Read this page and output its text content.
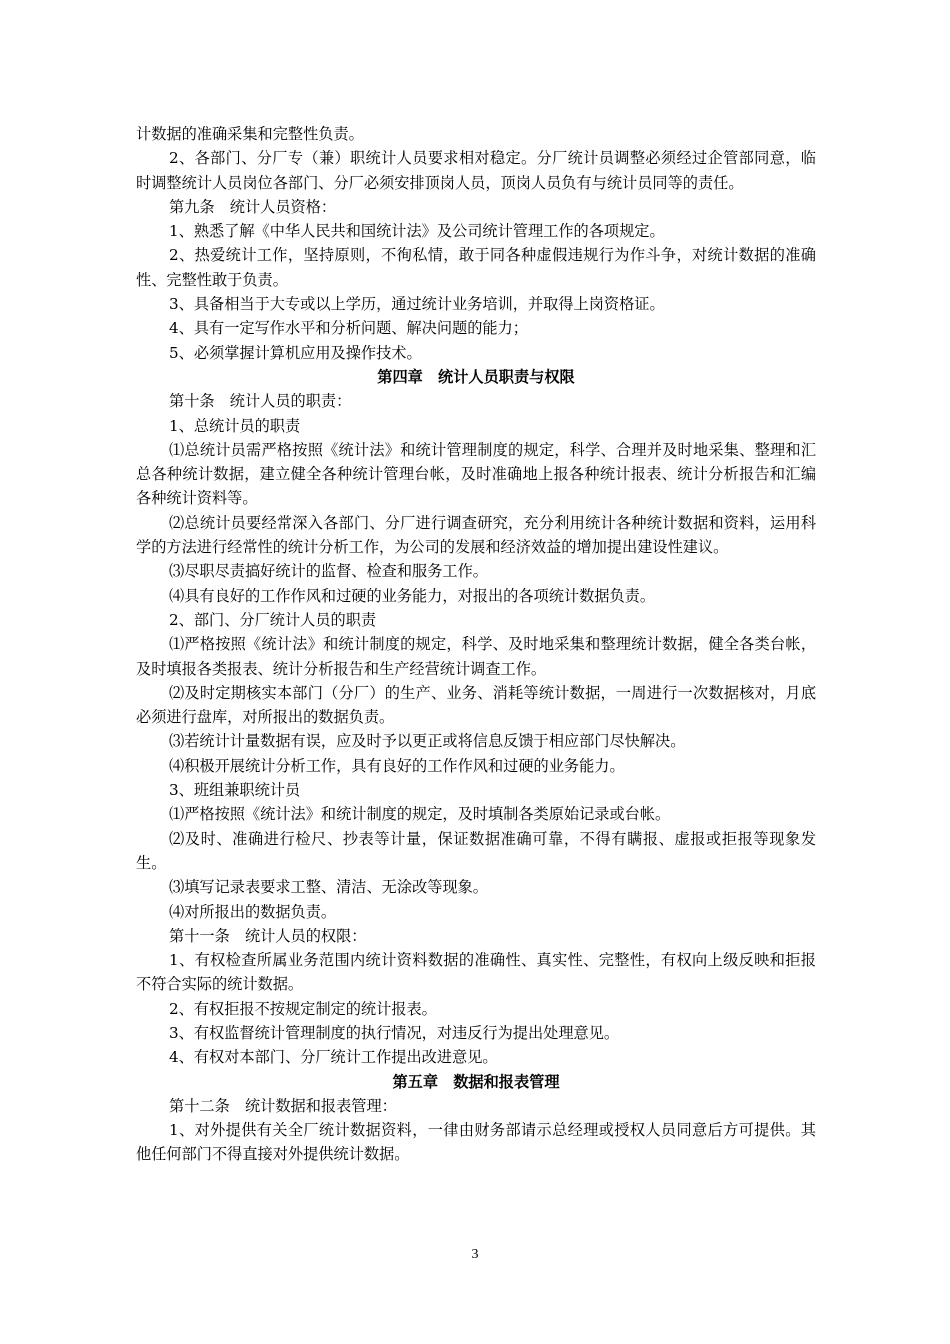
计数据的准确采集和完整性负责。

2、各部门、分厂专（兼）职统计人员要求相对稳定。分厂统计员调整必须经过企管部同意，临时调整统计人员岗位各部门、分厂必须安排顶岗人员，顶岗人员负有与统计员同等的责任。

第九条　统计人员资格：

1、熟悉了解《中华人民共和国统计法》及公司统计管理工作的各项规定。

2、热爱统计工作，坚持原则，不徇私情，敢于同各种虚假违规行为作斗争，对统计数据的准确性、完整性敢于负责。

3、具备相当于大专或以上学历，通过统计业务培训，并取得上岗资格证。

4、具有一定写作水平和分析问题、解决问题的能力；

5、必须掌握计算机应用及操作技术。

第四章　统计人员职责与权限

第十条　统计人员的职责：

1、总统计员的职责

⑴总统计员需严格按照《统计法》和统计管理制度的规定，科学、合理并及时地采集、整理和汇总各种统计数据，建立健全各种统计管理台帐，及时准确地上报各种统计报表、统计分析报告和汇编各种统计资料等。

⑵总统计员要经常深入各部门、分厂进行调查研究，充分利用统计各种统计数据和资料，运用科学的方法进行经常性的统计分析工作，为公司的发展和经济效益的增加提出建设性建议。

⑶尽职尽责搞好统计的监督、检查和服务工作。

⑷具有良好的工作作风和过硬的业务能力，对报出的各项统计数据负责。

2、部门、分厂统计人员的职责

⑴严格按照《统计法》和统计制度的规定，科学、及时地采集和整理统计数据，健全各类台帐，及时填报各类报表、统计分析报告和生产经营统计调查工作。

⑵及时定期核实本部门（分厂）的生产、业务、消耗等统计数据，一周进行一次数据核对，月底必须进行盘库，对所报出的数据负责。

⑶若统计计量数据有误，应及时予以更正或将信息反馈于相应部门尽快解决。

⑷积极开展统计分析工作，具有良好的工作作风和过硬的业务能力。

3、班组兼职统计员

⑴严格按照《统计法》和统计制度的规定，及时填制各类原始记录或台帐。

⑵及时、准确进行检尺、抄表等计量，保证数据准确可靠，不得有瞒报、虚报或拒报等现象发生。

⑶填写记录表要求工整、清洁、无涂改等现象。

⑷对所报出的数据负责。

第十一条　统计人员的权限：

1、有权检查所属业务范围内统计资料数据的准确性、真实性、完整性，有权向上级反映和拒报不符合实际的统计数据。

2、有权拒报不按规定制定的统计报表。

3、有权监督统计管理制度的执行情况，对违反行为提出处理意见。

4、有权对本部门、分厂统计工作提出改进意见。

第五章　数据和报表管理

第十二条　统计数据和报表管理：

1、对外提供有关全厂统计数据资料，一律由财务部请示总经理或授权人员同意后方可提供。其他任何部门不得直接对外提供统计数据。

3
